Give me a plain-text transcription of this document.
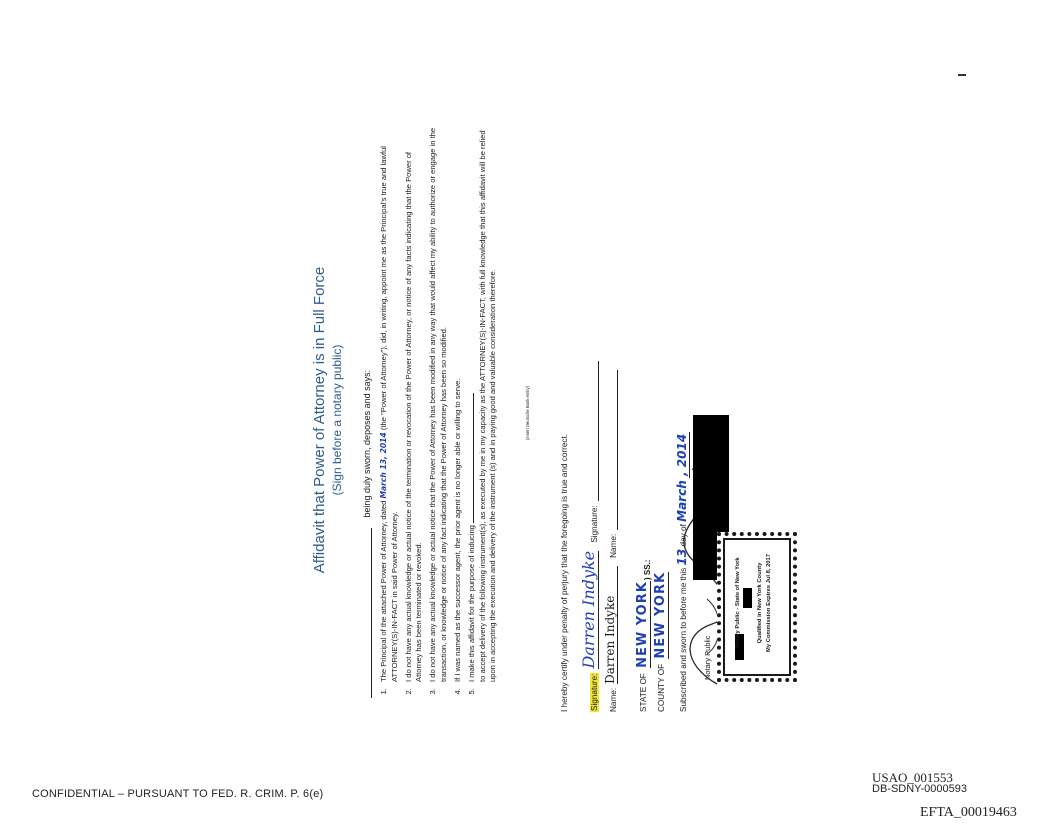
Affidavit that Power of Attorney is in Full Force (Sign before a notary public) being duly sworn, deposes and says:
1. The Principal of the attached Power of Attorney, dated March 13, 2014 (the "Power of Attorney"), did, in writing, appoint me as the Principal's true and lawful ATTORNEY(S)-IN-FACT in said Power of Attorney. 2. I do not have any actual knowledge or actual notice of the termination or revocation of the Power of Attorney, or notice of any facts indicating that the Power of Attorney has been terminated or revoked. 3. I do not have any actual knowledge or actual notice that the Power of Attorney has been modified in any way that would affect my ability to authorize or engage in the transaction, or knowledge or notice of any fact indicating that the Power of Attorney has been so modified. 4. If I was named as the successor agent, the prior agent is no longer able or willing to serve. 5. I make this affidavit for the purpose of inducing to accept delivery of the following instrument(s), as executed by me in my capacity as the ATTORNEY(S)-IN-FACT, with full knowledge that this affidavit will be relied upon in accepting the execution and delivery of the instrument (s) and in paying good and valuable consideration therefore.	(Insert Deutsche Bank entity)
I hereby certify under penalty of perjury that the foregoing is true and correct.	Signature:
Darren Indyke
Signature:
Name:
Darren Indyke
Name:
STATE OF NEW YORK
) SS.:
COUNTY OF NEW YORK	Subscribed and sworn to before me this 13 day of March , 2014
Notary Public
Notary Public - State of New York	Qualified in New York County My Commission Expires Jul 8, 2017
CONFIDENTIAL – PURSUANT TO FED. R. CRIM. P. 6(e)
USAO_001553
DB-SDNY-0000593
EFTA_00019463
